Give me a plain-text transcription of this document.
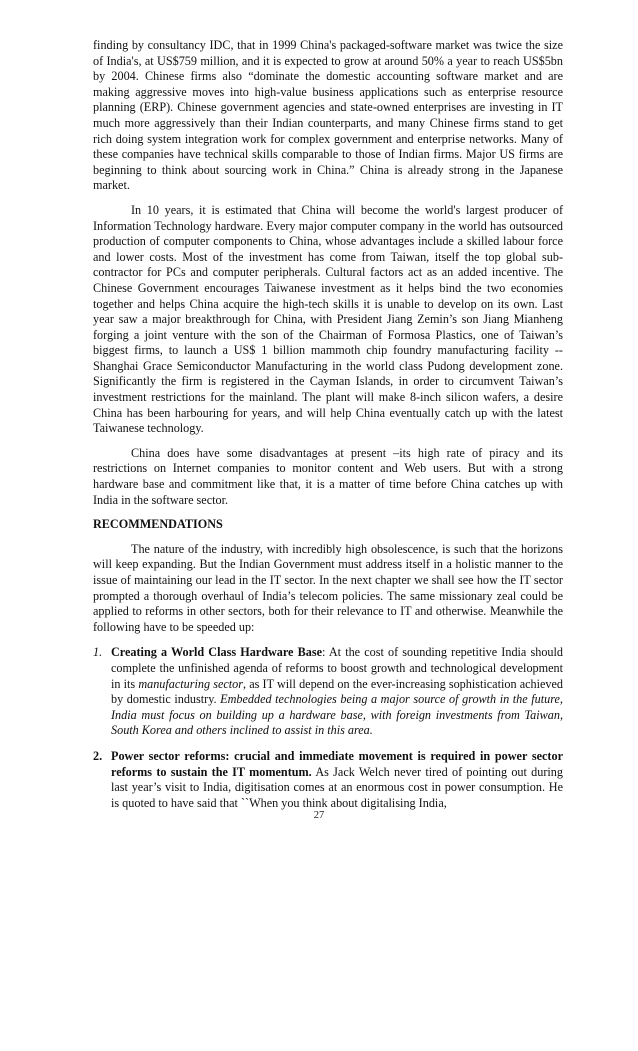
finding by consultancy IDC, that in 1999 China's packaged-software market was twice the size of India's, at US$759 million, and it is expected to grow at around 50% a year to reach US$5bn by 2004. Chinese firms also “dominate the domestic accounting software market and are making aggressive moves into high-value business applications such as enterprise resource planning (ERP). Chinese government agencies and state-owned enterprises are investing in IT much more aggressively than their Indian counterparts, and many Chinese firms stand to get rich doing system integration work for complex government and enterprise networks. Many of these companies have technical skills comparable to those of Indian firms. Major US firms are beginning to think about sourcing work in China.” China is already strong in the Japanese market.

In 10 years, it is estimated that China will become the world's largest producer of Information Technology hardware. Every major computer company in the world has outsourced production of computer components to China, whose advantages include a skilled labour force and lower costs. Most of the investment has come from Taiwan, itself the top global sub-contractor for PCs and computer peripherals. Cultural factors act as an added incentive. The Chinese Government encourages Taiwanese investment as it helps bind the two economies together and helps China acquire the high-tech skills it is unable to develop on its own. Last year saw a major breakthrough for China, with President Jiang Zemin’s son Jiang Mianheng forging a joint venture with the son of the Chairman of Formosa Plastics, one of Taiwan’s biggest firms, to launch a US$ 1 billion mammoth chip foundry manufacturing facility -- Shanghai Grace Semiconductor Manufacturing in the world class Pudong development zone. Significantly the firm is registered in the Cayman Islands, in order to circumvent Taiwan’s investment restrictions for the mainland. The plant will make 8-inch silicon wafers, a desire China has been harbouring for years, and will help China eventually catch up with the latest Taiwanese technology.

China does have some disadvantages at present –its high rate of piracy and its restrictions on Internet companies to monitor content and Web users. But with a strong hardware base and commitment like that, it is a matter of time before China catches up with India in the software sector.

RECOMMENDATIONS

The nature of the industry, with incredibly high obsolescence, is such that the horizons will keep expanding. But the Indian Government must address itself in a holistic manner to the issue of maintaining our lead in the IT sector. In the next chapter we shall see how the IT sector prompted a thorough overhaul of India’s telecom policies. The same missionary zeal could be applied to reforms in other sectors, both for their relevance to IT and otherwise. Meanwhile the following have to be speeded up:

1. Creating a World Class Hardware Base: At the cost of sounding repetitive India should complete the unfinished agenda of reforms to boost growth and technological development in its manufacturing sector, as IT will depend on the ever-increasing sophistication achieved by domestic industry. Embedded technologies being a major source of growth in the future, India must focus on building up a hardware base, with foreign investments from Taiwan, South Korea and others inclined to assist in this area.
2. Power sector reforms: crucial and immediate movement is required in power sector reforms to sustain the IT momentum. As Jack Welch never tired of pointing out during last year’s visit to India, digitisation comes at an enormous cost in power consumption. He is quoted to have said that ``When you think about digitalising India,
27
